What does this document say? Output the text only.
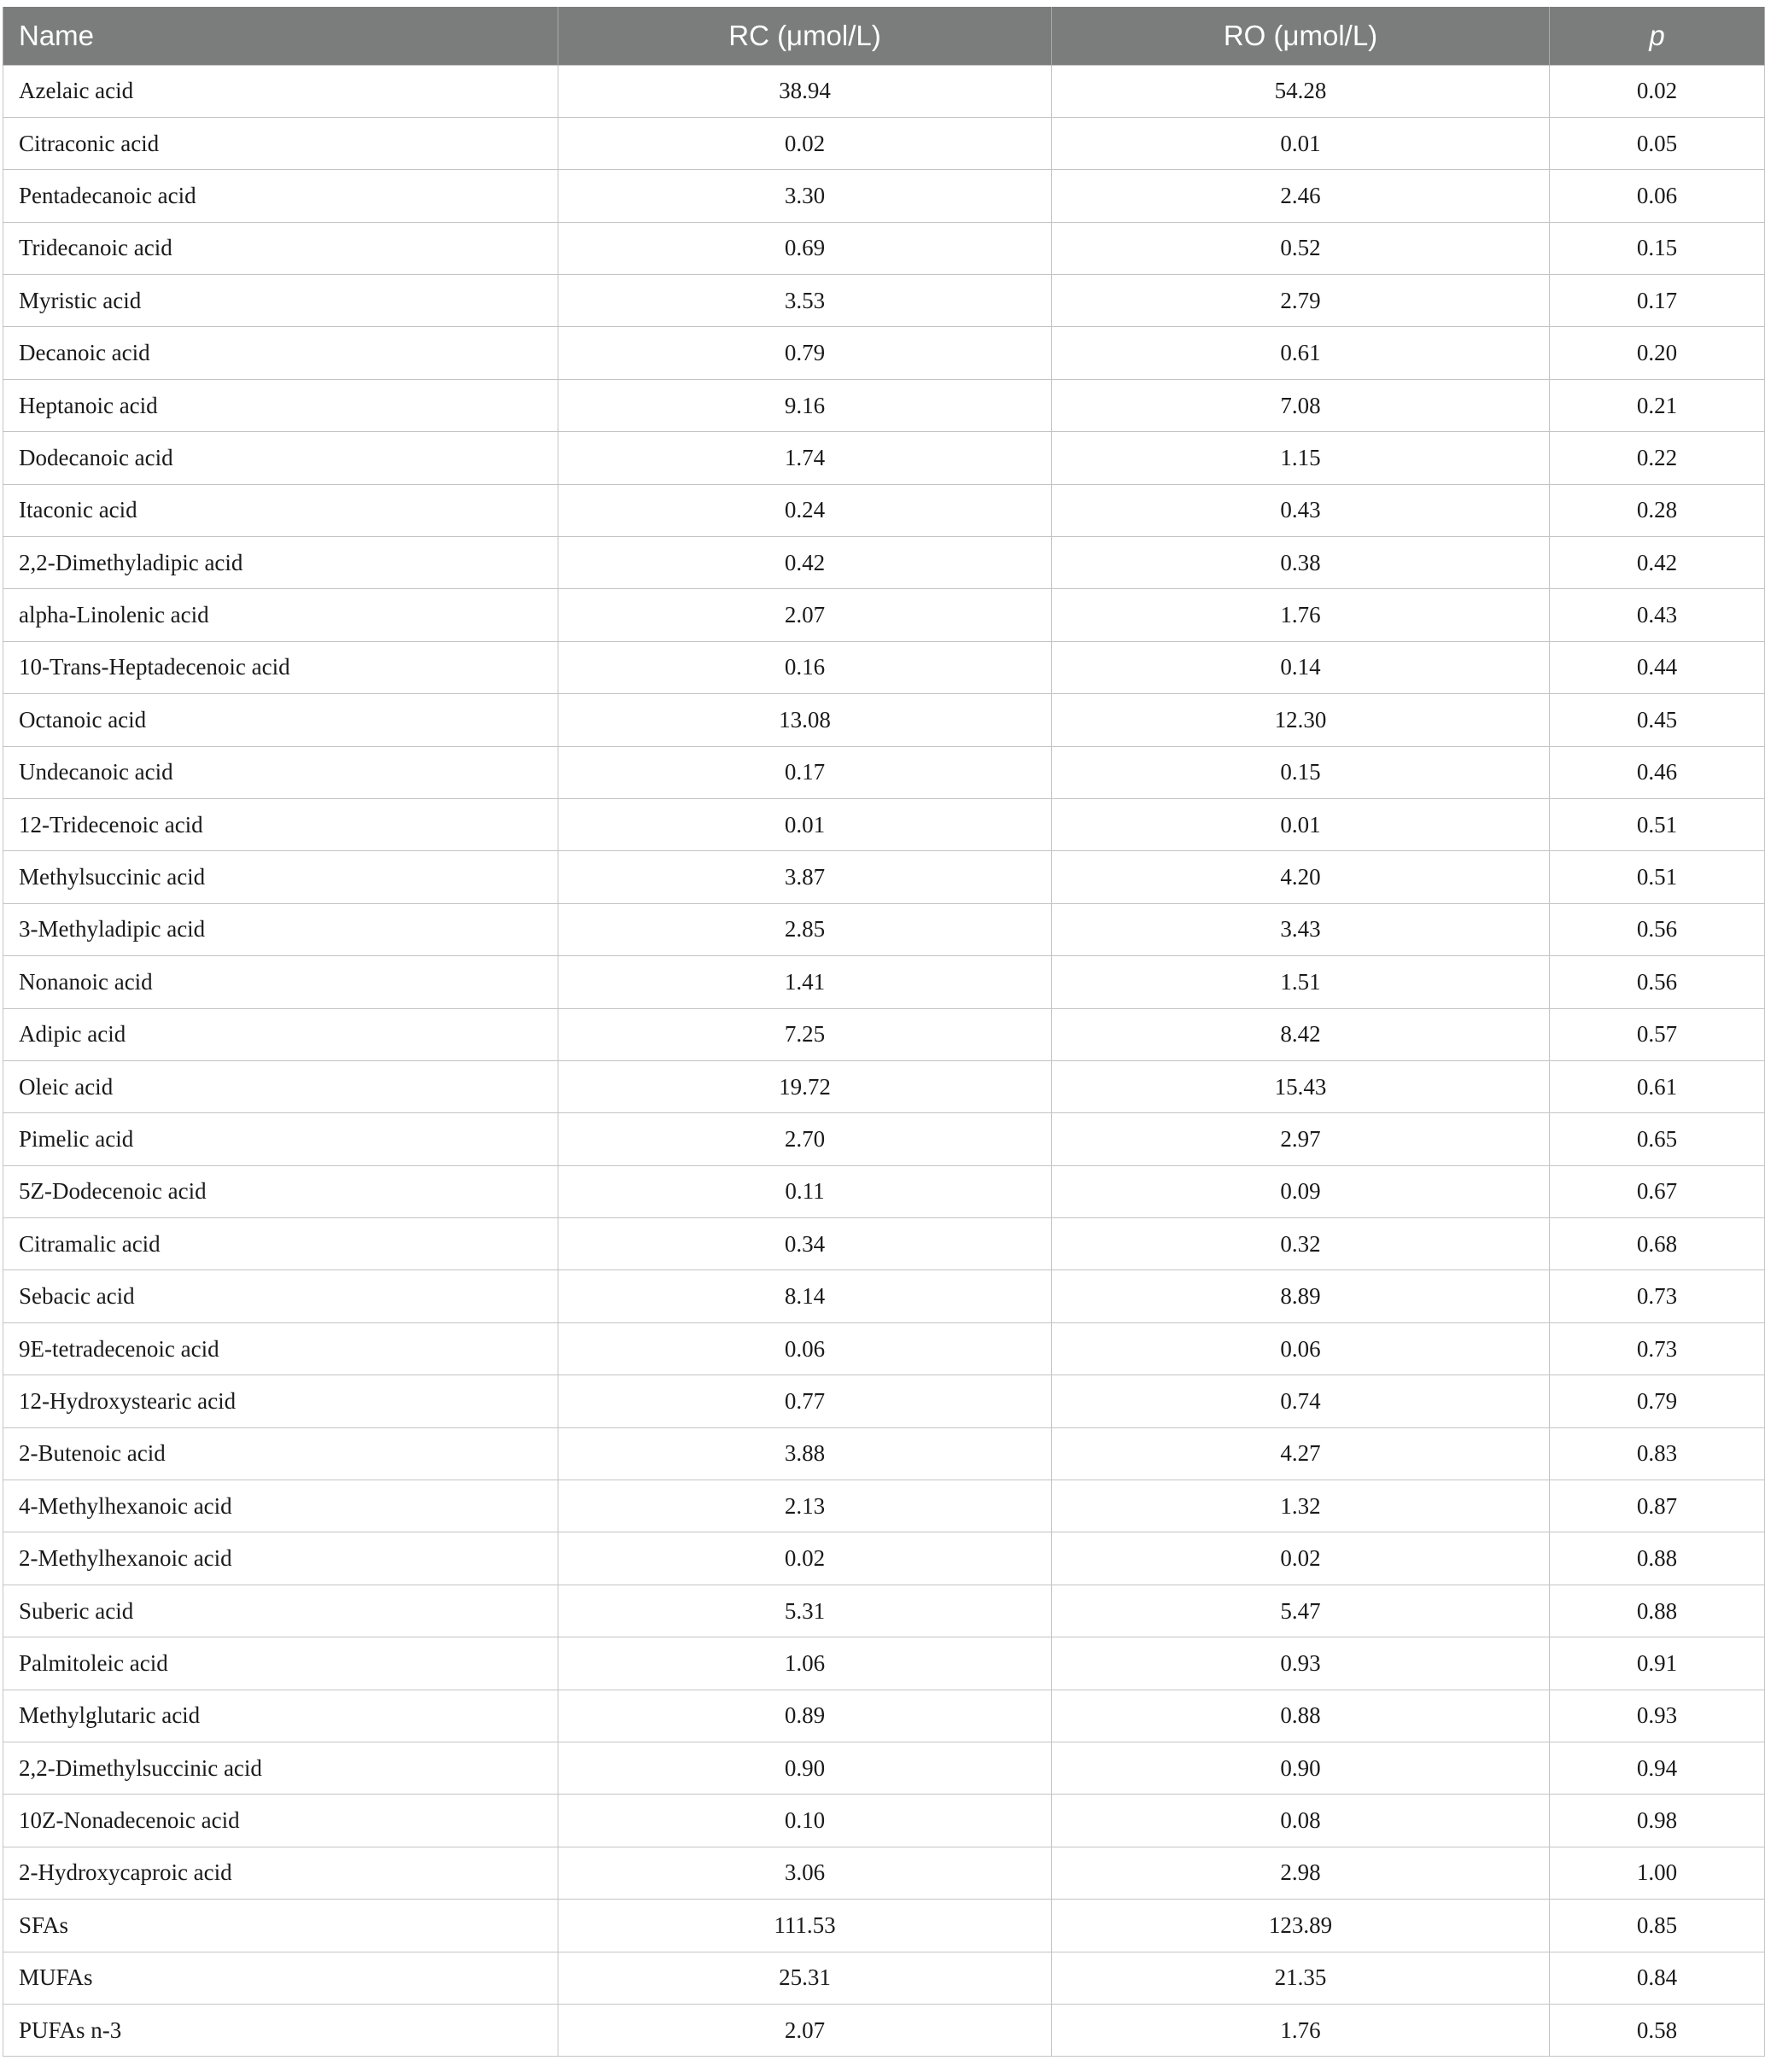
Name	RC (μmol/L)	RO (μmol/L)	p
Azelaic acid	38.94	54.28	0.02
Citraconic acid	0.02	0.01	0.05
Pentadecanoic acid	3.30	2.46	0.06
Tridecanoic acid	0.69	0.52	0.15
Myristic acid	3.53	2.79	0.17
Decanoic acid	0.79	0.61	0.20
Heptanoic acid	9.16	7.08	0.21
Dodecanoic acid	1.74	1.15	0.22
Itaconic acid	0.24	0.43	0.28
2,2-Dimethyladipic acid	0.42	0.38	0.42
alpha-Linolenic acid	2.07	1.76	0.43
10-Trans-Heptadecenoic acid	0.16	0.14	0.44
Octanoic acid	13.08	12.30	0.45
Undecanoic acid	0.17	0.15	0.46
12-Tridecenoic acid	0.01	0.01	0.51
Methylsuccinic acid	3.87	4.20	0.51
3-Methyladipic acid	2.85	3.43	0.56
Nonanoic acid	1.41	1.51	0.56
Adipic acid	7.25	8.42	0.57
Oleic acid	19.72	15.43	0.61
Pimelic acid	2.70	2.97	0.65
5Z-Dodecenoic acid	0.11	0.09	0.67
Citramalic acid	0.34	0.32	0.68
Sebacic acid	8.14	8.89	0.73
9E-tetradecenoic acid	0.06	0.06	0.73
12-Hydroxystearic acid	0.77	0.74	0.79
2-Butenoic acid	3.88	4.27	0.83
4-Methylhexanoic acid	2.13	1.32	0.87
2-Methylhexanoic acid	0.02	0.02	0.88
Suberic acid	5.31	5.47	0.88
Palmitoleic acid	1.06	0.93	0.91
Methylglutaric acid	0.89	0.88	0.93
2,2-Dimethylsuccinic acid	0.90	0.90	0.94
10Z-Nonadecenoic acid	0.10	0.08	0.98
2-Hydroxycaproic acid	3.06	2.98	1.00
SFAs	111.53	123.89	0.85
MUFAs	25.31	21.35	0.84
PUFAs n-3	2.07	1.76	0.58
